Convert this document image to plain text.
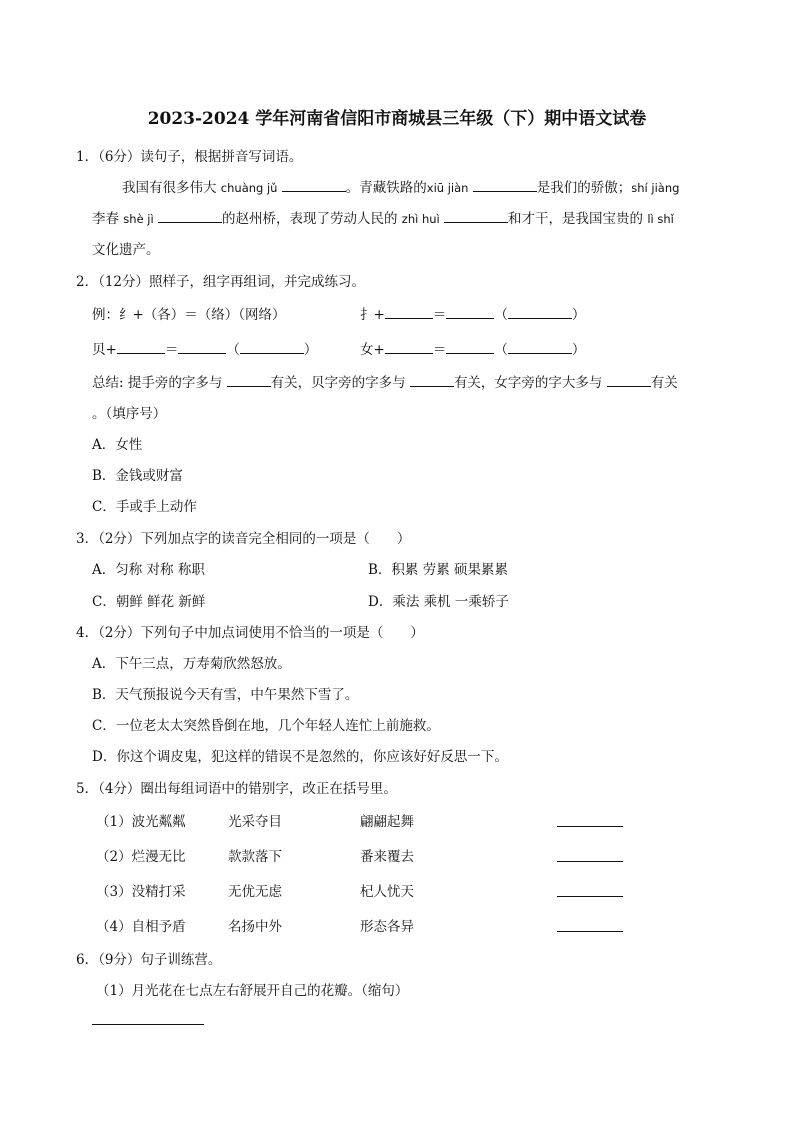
2023-2024 学年河南省信阳市商城县三年级（下）期中语文试卷
1．（6分）读句子，根据拼音写词语。
我国有很多伟大 chuàng jǔ	。青藏铁路的xiū jiàn	是我们的骄傲；shí jiàng
李春 shè jì	的赵州桥，表现了劳动人民的 zhì huì	和才干，是我国宝贵的 lì shǐ
文化遗产。
2．（12分）照样子，组字再组词，并完成练习。
例：纟+（各）＝（络）（网络）	扌+	＝	（	）
贝+	＝	（	）	女+	＝	（	）
总结: 提手旁的字多与	有关，贝字旁的字多与	有关，女字旁的字大多与	有关
。（填序号）
A．女性
B．金钱或财富
C．手或手上动作
3．（2分）下列加点字的读音完全相同的一项是（　　）
A．匀称 对称 称职	B．积累 劳累 硕果累累
C．朝鲜 鲜花 新鲜	D．乘法 乘机 一乘轿子
4．（2分）下列句子中加点词使用不恰当的一项是（　　）
A．下午三点，万寿菊欣然怒放。
B．天气预报说今天有雪，中午果然下雪了。
C．一位老太太突然昏倒在地，几个年轻人连忙上前施救。
D．你这个调皮鬼，犯这样的错误不是忽然的，你应该好好反思一下。
5．（4分）圈出每组词语中的错别字，改正在括号里。
（1）波光粼粼	光采夺目	翩翩起舞
（2）烂漫无比	款款落下	番来覆去
（3）没精打采	无优无虑	杞人忧天
（4）自相予盾	名扬中外	形态各异
6．（9分）句子训练营。
（1）月光花在七点左右舒展开自己的花瓣。（缩句）
